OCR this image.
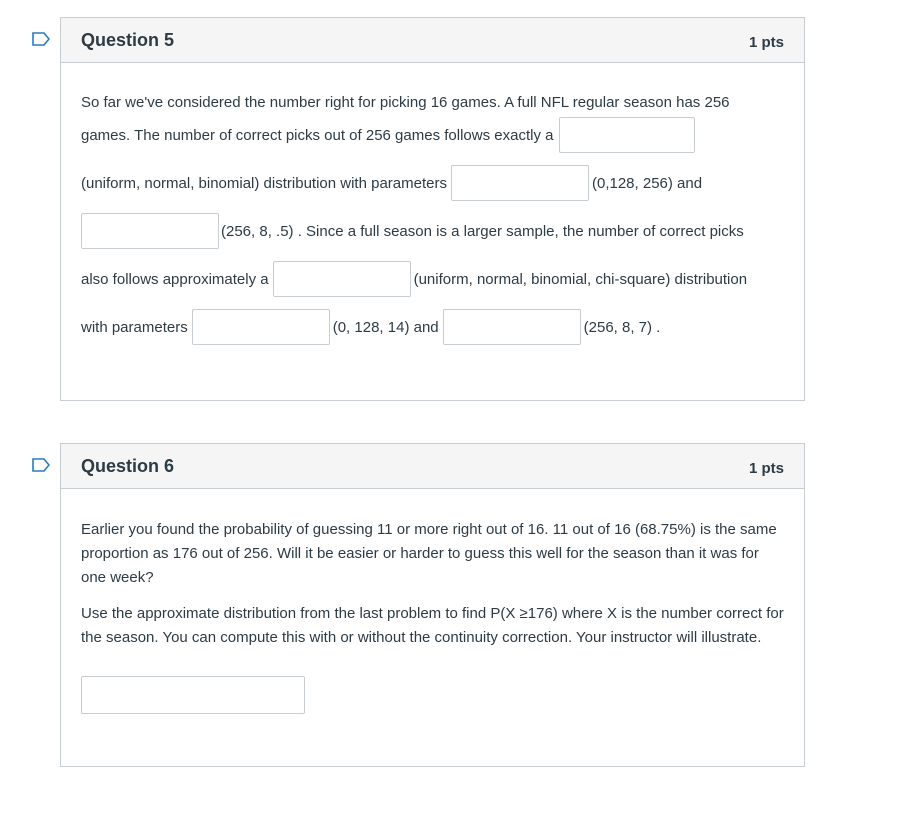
Question 5	1 pts
So far we've considered the number right for picking 16 games. A full NFL regular season has 256
games. The number of correct picks out of 256 games follows exactly a
(uniform, normal, binomial) distribution with parameters	(0,128, 256) and
(256, 8, .5) . Since a full season is a larger sample, the number of correct picks
also follows approximately a	(uniform, normal, binomial, chi-square) distribution
with parameters	(0, 128, 14) and	(256, 8, 7) .
Question 6	1 pts

Earlier you found the probability of guessing 11 or more right out of 16. 11 out of 16 (68.75%) is the same proportion as 176 out of 256. Will it be easier or harder to guess this well for the season than it was for one week?

Use the approximate distribution from the last problem to find P(X ≥176) where X is the number correct for the season. You can compute this with or without the continuity correction. Your instructor will illustrate.
